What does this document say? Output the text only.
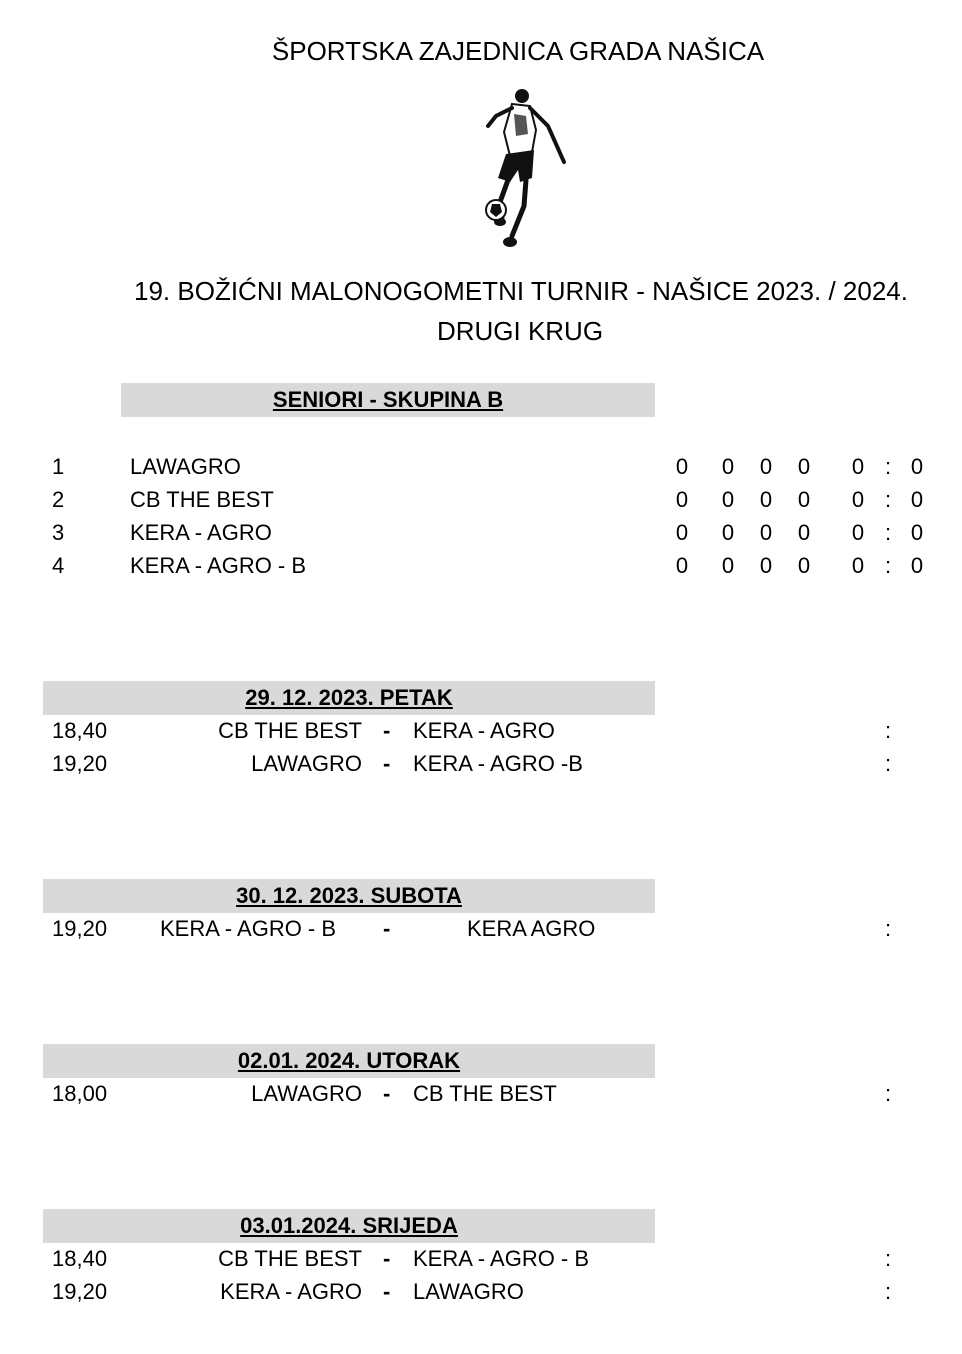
ŠPORTSKA ZAJEDNICA GRADA NAŠICA
19. BOŽIĆNI MALONOGOMETNI TURNIR - NAŠICE 2023. / 2024.
DRUGI KRUG
SENIORI - SKUPINA B
1	LAWAGRO	0 0 0 0 0 : 0
2	CB THE BEST	0 0 0 0 0 : 0
3	KERA - AGRO	0 0 0 0 0 : 0
4	KERA - AGRO - B	0 0 0 0 0 : 0
29. 12. 2023. PETAK
18,40	CB THE BEST - KERA - AGRO	:
19,20	LAWAGRO - KERA - AGRO -B	:
30. 12. 2023. SUBOTA
19,20 KERA - AGRO - B -	KERA AGRO	:
02.01. 2024. UTORAK
18,00	LAWAGRO - CB THE BEST	:
03.01.2024. SRIJEDA
18,40	CB THE BEST - KERA - AGRO - B	:
19,20	KERA - AGRO - LAWAGRO	:
